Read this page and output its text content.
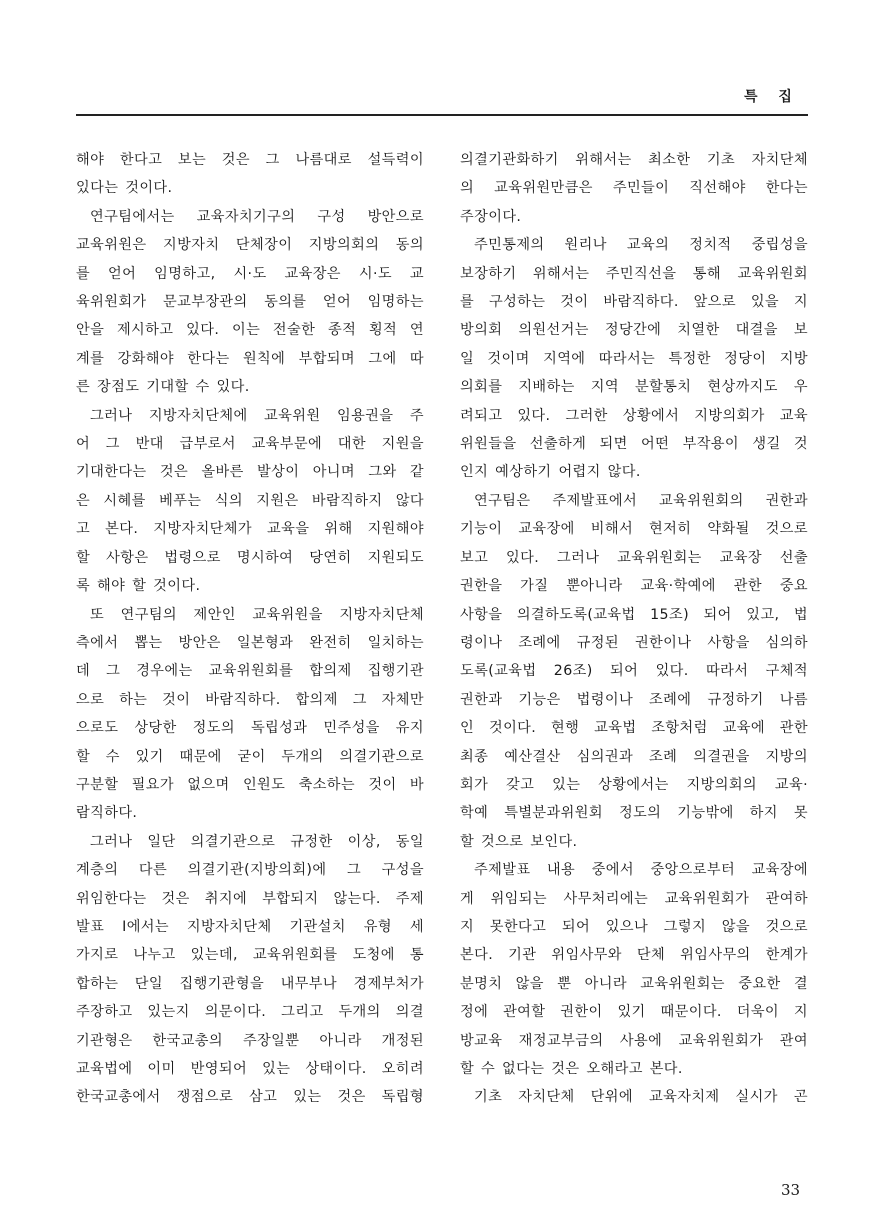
특 집

해야 한다고 보는 것은 그 나름대로 설득력이

있다는 것이다.

연구팀에서는 교육자치기구의 구성 방안으로

교육위원은 지방자치 단체장이 지방의회의 동의

를 얻어 임명하고, 시·도 교육장은 시·도 교

육위원회가 문교부장관의 동의를 얻어 임명하는

안을 제시하고 있다. 이는 전술한 종적 횡적 연

계를 강화해야 한다는 원칙에 부합되며 그에 따

른 장점도 기대할 수 있다.

그러나 지방자치단체에 교육위원 임용권을 주

어 그 반대 급부로서 교육부문에 대한 지원을

기대한다는 것은 올바른 발상이 아니며 그와 같

은 시혜를 베푸는 식의 지원은 바람직하지 않다

고 본다. 지방자치단체가 교육을 위해 지원해야

할 사항은 법령으로 명시하여 당연히 지원되도

록 해야 할 것이다.

또 연구팀의 제안인 교육위원을 지방자치단체

측에서 뽑는 방안은 일본형과 완전히 일치하는

데 그 경우에는 교육위원회를 합의제 집행기관

으로 하는 것이 바람직하다. 합의제 그 자체만

으로도 상당한 정도의 독립성과 민주성을 유지

할 수 있기 때문에 굳이 두개의 의결기관으로

구분할 필요가 없으며 인원도 축소하는 것이 바

람직하다.

그러나 일단 의결기관으로 규정한 이상, 동일

계층의 다른 의결기관(지방의회)에 그 구성을

위임한다는 것은 취지에 부합되지 않는다. 주제

발표 I에서는 지방자치단체 기관설치 유형 세

가지로 나누고 있는데, 교육위원회를 도청에 통

합하는 단일 집행기관형을 내무부나 경제부처가

주장하고 있는지 의문이다. 그리고 두개의 의결

기관형은 한국교총의 주장일뿐 아니라 개정된

교육법에 이미 반영되어 있는 상태이다. 오히려

한국교총에서 쟁점으로 삼고 있는 것은 독립형

의결기관화하기 위해서는 최소한 기초 자치단체

의 교육위원만큼은 주민들이 직선해야 한다는

주장이다.

주민통제의 원리나 교육의 정치적 중립성을

보장하기 위해서는 주민직선을 통해 교육위원회

를 구성하는 것이 바람직하다. 앞으로 있을 지

방의회 의원선거는 정당간에 치열한 대결을 보

일 것이며 지역에 따라서는 특정한 정당이 지방

의회를 지배하는 지역 분할통치 현상까지도 우

려되고 있다. 그러한 상황에서 지방의회가 교육

위원들을 선출하게 되면 어떤 부작용이 생길 것

인지 예상하기 어렵지 않다.

연구팀은 주제발표에서 교육위원회의 권한과

기능이 교육장에 비해서 현저히 약화될 것으로

보고 있다. 그러나 교육위원회는 교육장 선출

권한을 가질 뿐아니라 교육·학예에 관한 중요

사항을 의결하도록(교육법 15조) 되어 있고, 법

령이나 조례에 규정된 권한이나 사항을 심의하

도록(교육법 26조) 되어 있다. 따라서 구체적

권한과 기능은 법령이나 조례에 규정하기 나름

인 것이다. 현행 교육법 조항처럼 교육에 관한

최종 예산결산 심의권과 조례 의결권을 지방의

회가 갖고 있는 상황에서는 지방의회의 교육·

학예 특별분과위원회 정도의 기능밖에 하지 못

할 것으로 보인다.

주제발표 내용 중에서 중앙으로부터 교육장에

게 위임되는 사무처리에는 교육위원회가 관여하

지 못한다고 되어 있으나 그렇지 않을 것으로

본다. 기관 위임사무와 단체 위임사무의 한계가

분명치 않을 뿐 아니라 교육위원회는 중요한 결

정에 관여할 권한이 있기 때문이다. 더욱이 지

방교육 재정교부금의 사용에 교육위원회가 관여

할 수 없다는 것은 오해라고 본다.

기초 자치단체 단위에 교육자치제 실시가 곤

33
